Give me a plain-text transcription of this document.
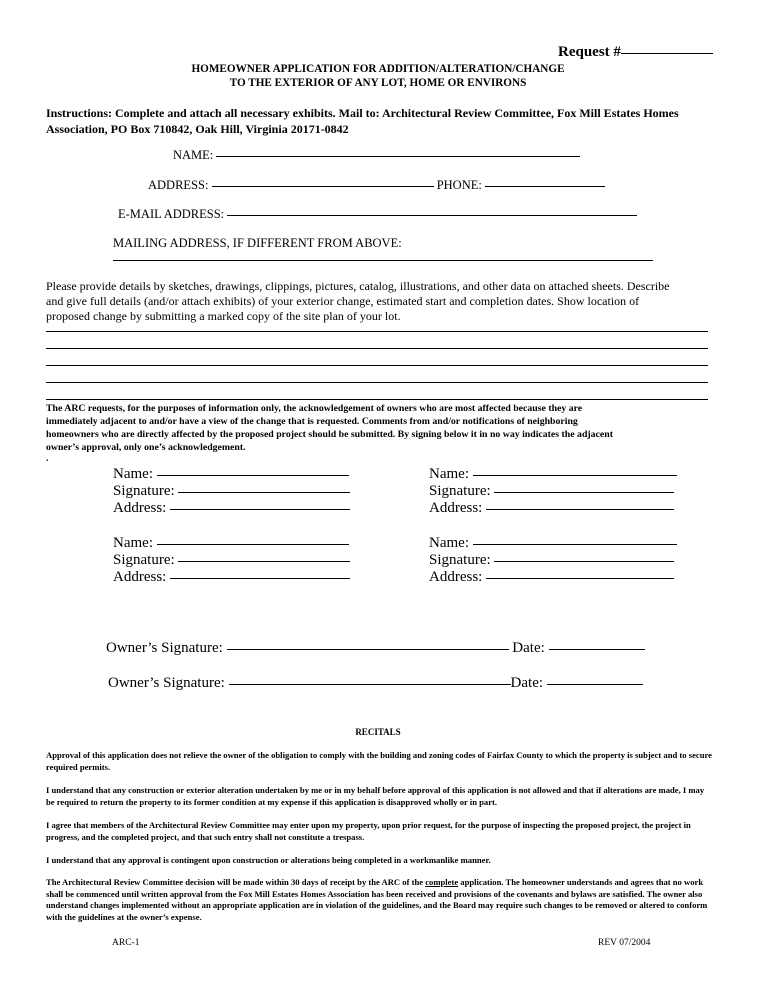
Request #
HOMEOWNER APPLICATION FOR ADDITION/ALTERATION/CHANGE
TO THE EXTERIOR OF ANY LOT, HOME OR ENVIRONS
Instructions: Complete and attach all necessary exhibits. Mail to: Architectural Review Committee, Fox Mill Estates Homes
Association, PO Box 710842, Oak Hill, Virginia 20171-0842
NAME:
ADDRESS:	PHONE:
E-MAIL ADDRESS:
MAILING ADDRESS, IF DIFFERENT FROM ABOVE:
Please provide details by sketches, drawings, clippings, pictures, catalog, illustrations, and other data on attached sheets. Describe
and give full details (and/or attach exhibits) of your exterior change, estimated start and completion dates. Show location of
proposed change by submitting a marked copy of the site plan of your lot.
The ARC requests, for the purposes of information only, the acknowledgement of owners who are most affected because they are
immediately adjacent to and/or have a view of the change that is requested. Comments from and/or notifications of neighboring
homeowners who are directly affected by the proposed project should be submitted. By signing below it in no way indicates the adjacent
owner’s approval, only one’s acknowledgement.
.
Name:
Signature:
Address:
Name:
Signature:
Address:
Name:
Signature:
Address:
Name:
Signature:
Address:
Owner’s Signature:	Date:
Owner’s Signature:	Date:
RECITALS
Approval of this application does not relieve the owner of the obligation to comply with the building and zoning codes of Fairfax County to which the property is subject and to secure required permits.
I understand that any construction or exterior alteration undertaken by me or in my behalf before approval of this application is not allowed and that if alterations are made, I may be required to return the property to its former condition at my expense if this application is disapproved wholly or in part.
I agree that members of the Architectural Review Committee may enter upon my property, upon prior request, for the purpose of inspecting the proposed project, the project in progress, and the completed project, and that such entry shall not constitute a trespass.
I understand that any approval is contingent upon construction or alterations being completed in a workmanlike manner.
The Architectural Review Committee decision will be made within 30 days of receipt by the ARC of the complete application. The homeowner understands and agrees that no work shall be commenced until written approval from the Fox Mill Estates Homes Association has been received and provisions of the covenants and bylaws are satisfied. The owner also understand changes implemented without an appropriate application are in violation of the guidelines, and the Board may require such changes to be removed or altered to conform with the guidelines at the owner’s expense.
ARC-1	REV 07/2004
